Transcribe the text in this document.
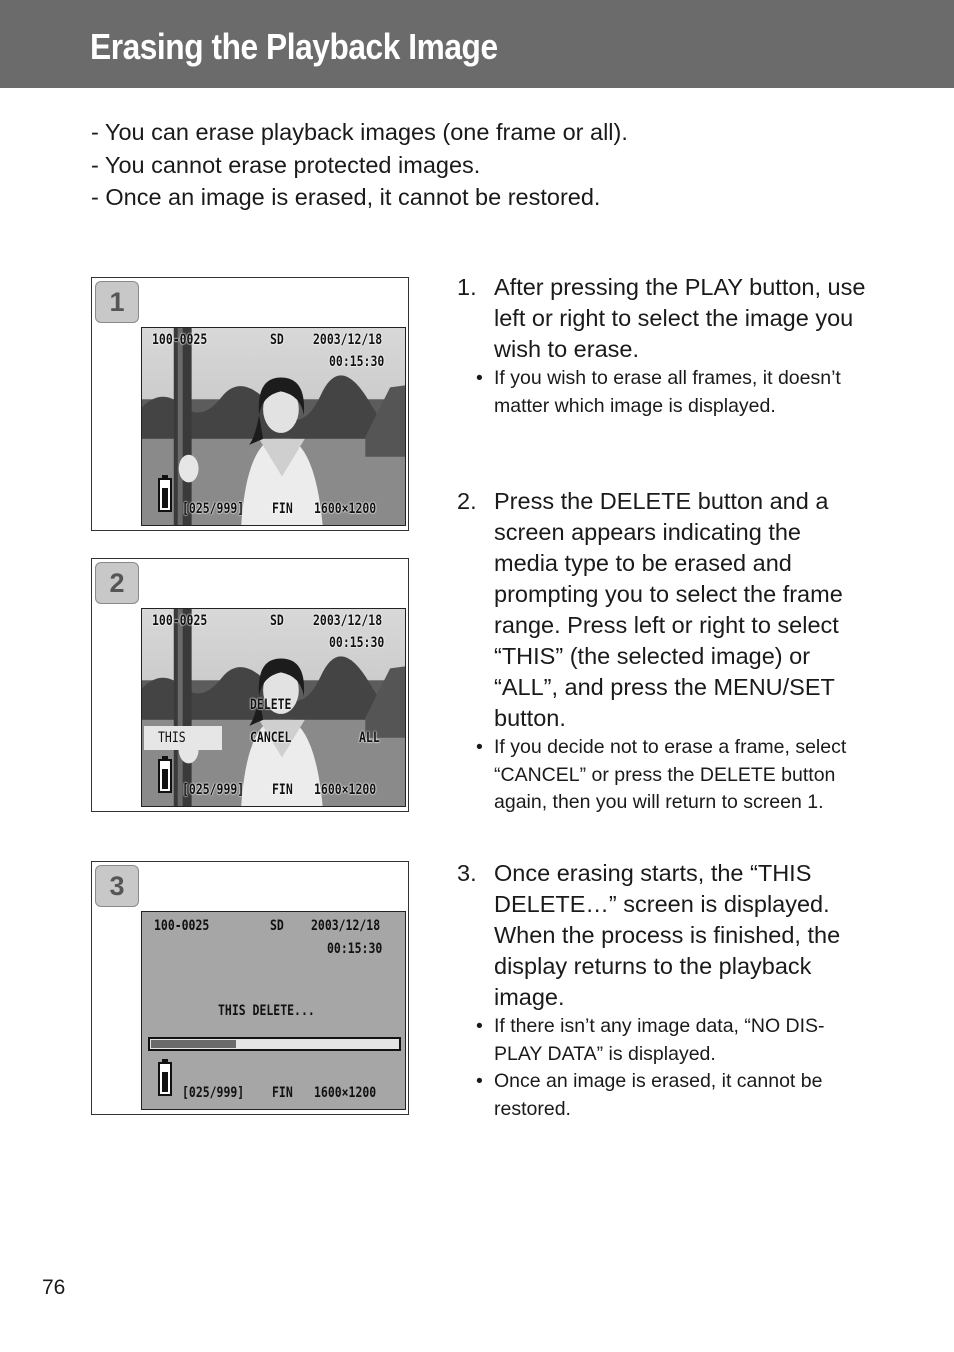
Erasing the Playback Image
- You can erase playback images (one frame or all).
- You cannot erase protected images.
- Once an image is erased, it cannot be restored.
1
100-0025	SD 2003/12/18
00:15:30
[025/999] FIN 1600×1200
2
100-0025	SD 2003/12/18
00:15:30
DELETE
THIS	CANCEL	ALL
[025/999] FIN 1600×1200
3
100-0025	SD 2003/12/18
00:15:30
THIS DELETE...
[025/999] FIN 1600×1200
1. After pressing the PLAY button, use
left or right to select the image you
wish to erase.
• If you wish to erase all frames, it doesn’t
matter which image is displayed.
2. Press the DELETE button and a
screen appears indicating the
media type to be erased and
prompting you to select the frame
range. Press left or right to select
“THIS” (the selected image) or
“ALL”, and press the MENU/SET
button.
• If you decide not to erase a frame, select
“CANCEL” or press the DELETE button
again, then you will return to screen 1.
3. Once erasing starts, the “THIS
DELETE…” screen is displayed.
When the process is finished, the
display returns to the playback
image.
• If there isn’t any image data, “NO DIS-
PLAY DATA” is displayed.
• Once an image is erased, it cannot be
restored.
76
